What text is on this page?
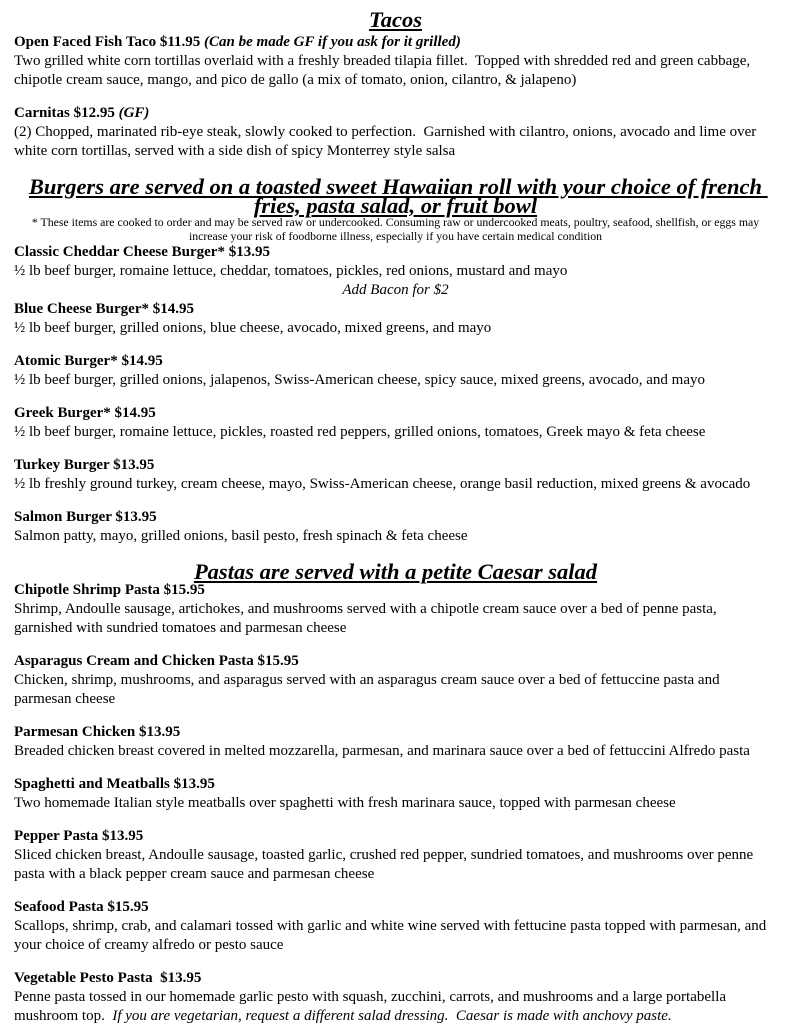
Tacos

Open Faced Fish Taco $11.95 (Can be made GF if you ask for it grilled)

Two grilled white corn tortillas overlaid with a freshly breaded tilapia fillet.  Topped with shredded red and green cabbage, chipotle cream sauce, mango, and pico de gallo (a mix of tomato, onion, cilantro, & jalapeno)

Carnitas $12.95 (GF)

(2) Chopped, marinated rib-eye steak, slowly cooked to perfection.  Garnished with cilantro, onions, avocado and lime over white corn tortillas, served with a side dish of spicy Monterrey style salsa

Burgers are served on a toasted sweet Hawaiian roll with your choice of french fries, pasta salad, or fruit bowl

* These items are cooked to order and may be served raw or undercooked. Consuming raw or undercooked meats, poultry, seafood, shellfish, or eggs may increase your risk of foodborne illness, especially if you have certain medical condition

Classic Cheddar Cheese Burger* $13.95

½ lb beef burger, romaine lettuce, cheddar, tomatoes, pickles, red onions, mustard and mayo

Add Bacon for $2

Blue Cheese Burger* $14.95

½ lb beef burger, grilled onions, blue cheese, avocado, mixed greens, and mayo

Atomic Burger* $14.95

½ lb beef burger, grilled onions, jalapenos, Swiss-American cheese, spicy sauce, mixed greens, avocado, and mayo

Greek Burger* $14.95

½ lb beef burger, romaine lettuce, pickles, roasted red peppers, grilled onions, tomatoes, Greek mayo & feta cheese

Turkey Burger $13.95

½ lb freshly ground turkey, cream cheese, mayo, Swiss-American cheese, orange basil reduction, mixed greens & avocado

Salmon Burger $13.95

Salmon patty, mayo, grilled onions, basil pesto, fresh spinach & feta cheese

Pastas are served with a petite Caesar salad

Chipotle Shrimp Pasta $15.95

Shrimp, Andoulle sausage, artichokes, and mushrooms served with a chipotle cream sauce over a bed of penne pasta, garnished with sundried tomatoes and parmesan cheese

Asparagus Cream and Chicken Pasta $15.95

Chicken, shrimp, mushrooms, and asparagus served with an asparagus cream sauce over a bed of fettuccine pasta and parmesan cheese

Parmesan Chicken $13.95

Breaded chicken breast covered in melted mozzarella, parmesan, and marinara sauce over a bed of fettuccini Alfredo pasta

Spaghetti and Meatballs $13.95

Two homemade Italian style meatballs over spaghetti with fresh marinara sauce, topped with parmesan cheese

Pepper Pasta $13.95

Sliced chicken breast, Andoulle sausage, toasted garlic, crushed red pepper, sundried tomatoes, and mushrooms over penne pasta with a black pepper cream sauce and parmesan cheese

Seafood Pasta $15.95

Scallops, shrimp, crab, and calamari tossed with garlic and white wine served with fettucine pasta topped with parmesan, and your choice of creamy alfredo or pesto sauce

Vegetable Pesto Pasta  $13.95

Penne pasta tossed in our homemade garlic pesto with squash, zucchini, carrots, and mushrooms and a large portabella mushroom top.  If you are vegetarian, request a different salad dressing.  Caesar is made with anchovy paste.
